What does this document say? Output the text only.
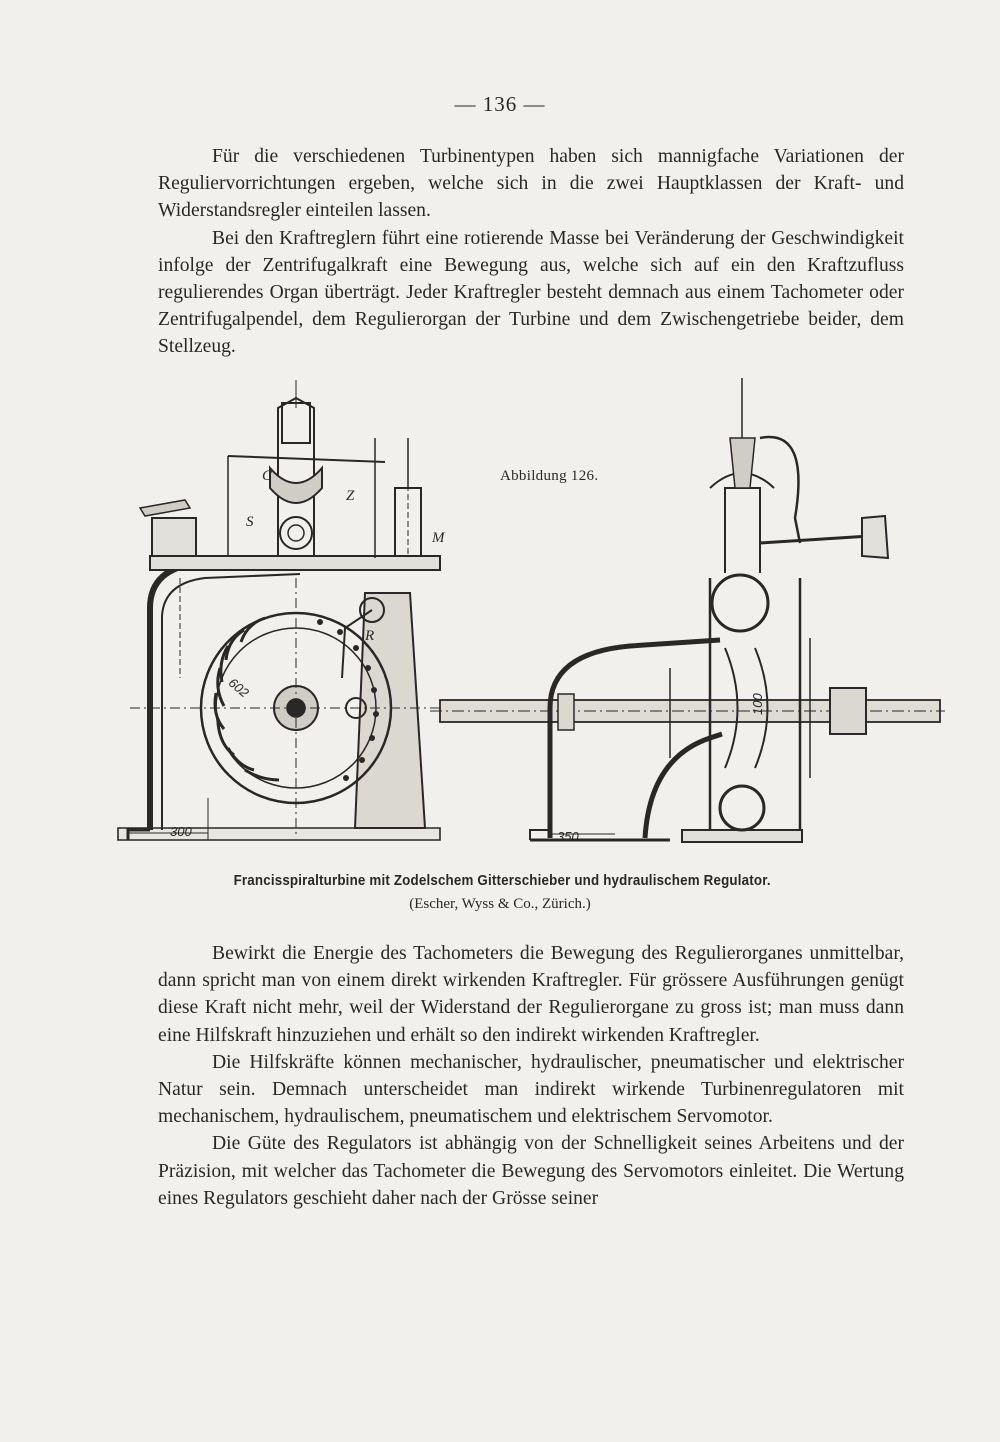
— 136 —

Für die verschiedenen Turbinentypen haben sich mannigfache Variationen der Reguliervorrichtungen ergeben, welche sich in die zwei Hauptklassen der Kraft- und Widerstandsregler einteilen lassen.

Bei den Kraftreglern führt eine rotierende Masse bei Veränderung der Geschwindigkeit infolge der Zentrifugalkraft eine Bewegung aus, welche sich auf ein den Kraftzufluss regulierendes Organ überträgt. Jeder Kraftregler besteht demnach aus einem Tachometer oder Zentrifugalpendel, dem Regulierorgan der Turbine und dem Zwischengetriebe beider, dem Stellzeug.

C
Z
S
M
R
602
300	350
100
Abbildung 126.
Francisspiralturbine mit Zodelschem Gitterschieber und hydraulischem Regulator.
(Escher, Wyss & Co., Zürich.)

Bewirkt die Energie des Tachometers die Bewegung des Regulierorganes unmittelbar, dann spricht man von einem direkt wirkenden Kraftregler. Für grössere Ausführungen genügt diese Kraft nicht mehr, weil der Widerstand der Regulierorgane zu gross ist; man muss dann eine Hilfskraft hinzuziehen und erhält so den indirekt wirkenden Kraftregler.

Die Hilfskräfte können mechanischer, hydraulischer, pneumatischer und elektrischer Natur sein. Demnach unterscheidet man indirekt wirkende Turbinenregulatoren mit mechanischem, hydraulischem, pneumatischem und elektrischem Servomotor.

Die Güte des Regulators ist abhängig von der Schnelligkeit seines Arbeitens und der Präzision, mit welcher das Tachometer die Bewegung des Servomotors einleitet. Die Wertung eines Regulators geschieht daher nach der Grösse seiner
